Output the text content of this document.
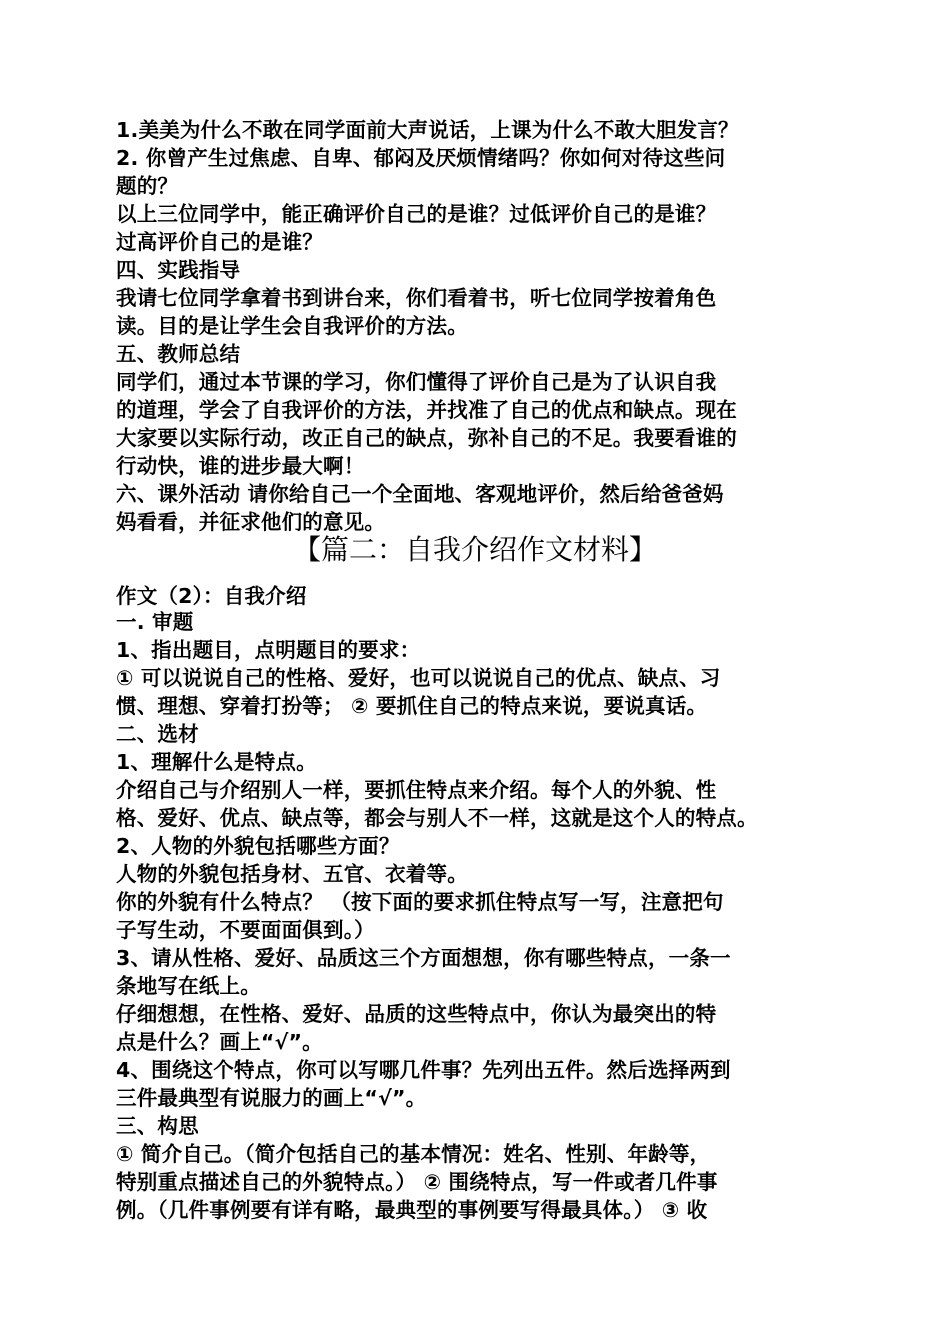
1.美美为什么不敢在同学面前大声说话，上课为什么不敢大胆发言？
2. 你曾产生过焦虑、自卑、郁闷及厌烦情绪吗？你如何对待这些问
题的？
以上三位同学中，能正确评价自己的是谁？过低评价自己的是谁？
过高评价自己的是谁？
四、实践指导
我请七位同学拿着书到讲台来，你们看着书，听七位同学按着角色
读。目的是让学生会自我评价的方法。
五、教师总结
同学们，通过本节课的学习，你们懂得了评价自己是为了认识自我
的道理，学会了自我评价的方法，并找准了自己的优点和缺点。现在
大家要以实际行动，改正自己的缺点，弥补自己的不足。我要看谁的
行动快，谁的进步最大啊！
六、课外活动 请你给自己一个全面地、客观地评价，然后给爸爸妈
妈看看，并征求他们的意见。
【篇二：自我介绍作文材料】
作文（2）：自我介绍
一. 审题
1、指出题目，点明题目的要求：
① 可以说说自己的性格、爱好，也可以说说自己的优点、缺点、习
惯、理想、穿着打扮等； ② 要抓住自己的特点来说，要说真话。
二、选材
1、理解什么是特点。
介绍自己与介绍别人一样，要抓住特点来介绍。每个人的外貌、性
格、爱好、优点、缺点等，都会与别人不一样，这就是这个人的特点。
2、人物的外貌包括哪些方面？
人物的外貌包括身材、五官、衣着等。
你的外貌有什么特点？ （按下面的要求抓住特点写一写，注意把句
子写生动，不要面面俱到。）
3、请从性格、爱好、品质这三个方面想想，你有哪些特点，一条一
条地写在纸上。
仔细想想，在性格、爱好、品质的这些特点中，你认为最突出的特
点是什么？画上“√”。
4、围绕这个特点，你可以写哪几件事？先列出五件。然后选择两到
三件最典型有说服力的画上“√”。
三、构思
① 简介自己。（简介包括自己的基本情况：姓名、性别、年龄等，
特别重点描述自己的外貌特点。） ② 围绕特点，写一件或者几件事
例。（几件事例要有详有略，最典型的事例要写得最具体。） ③ 收
